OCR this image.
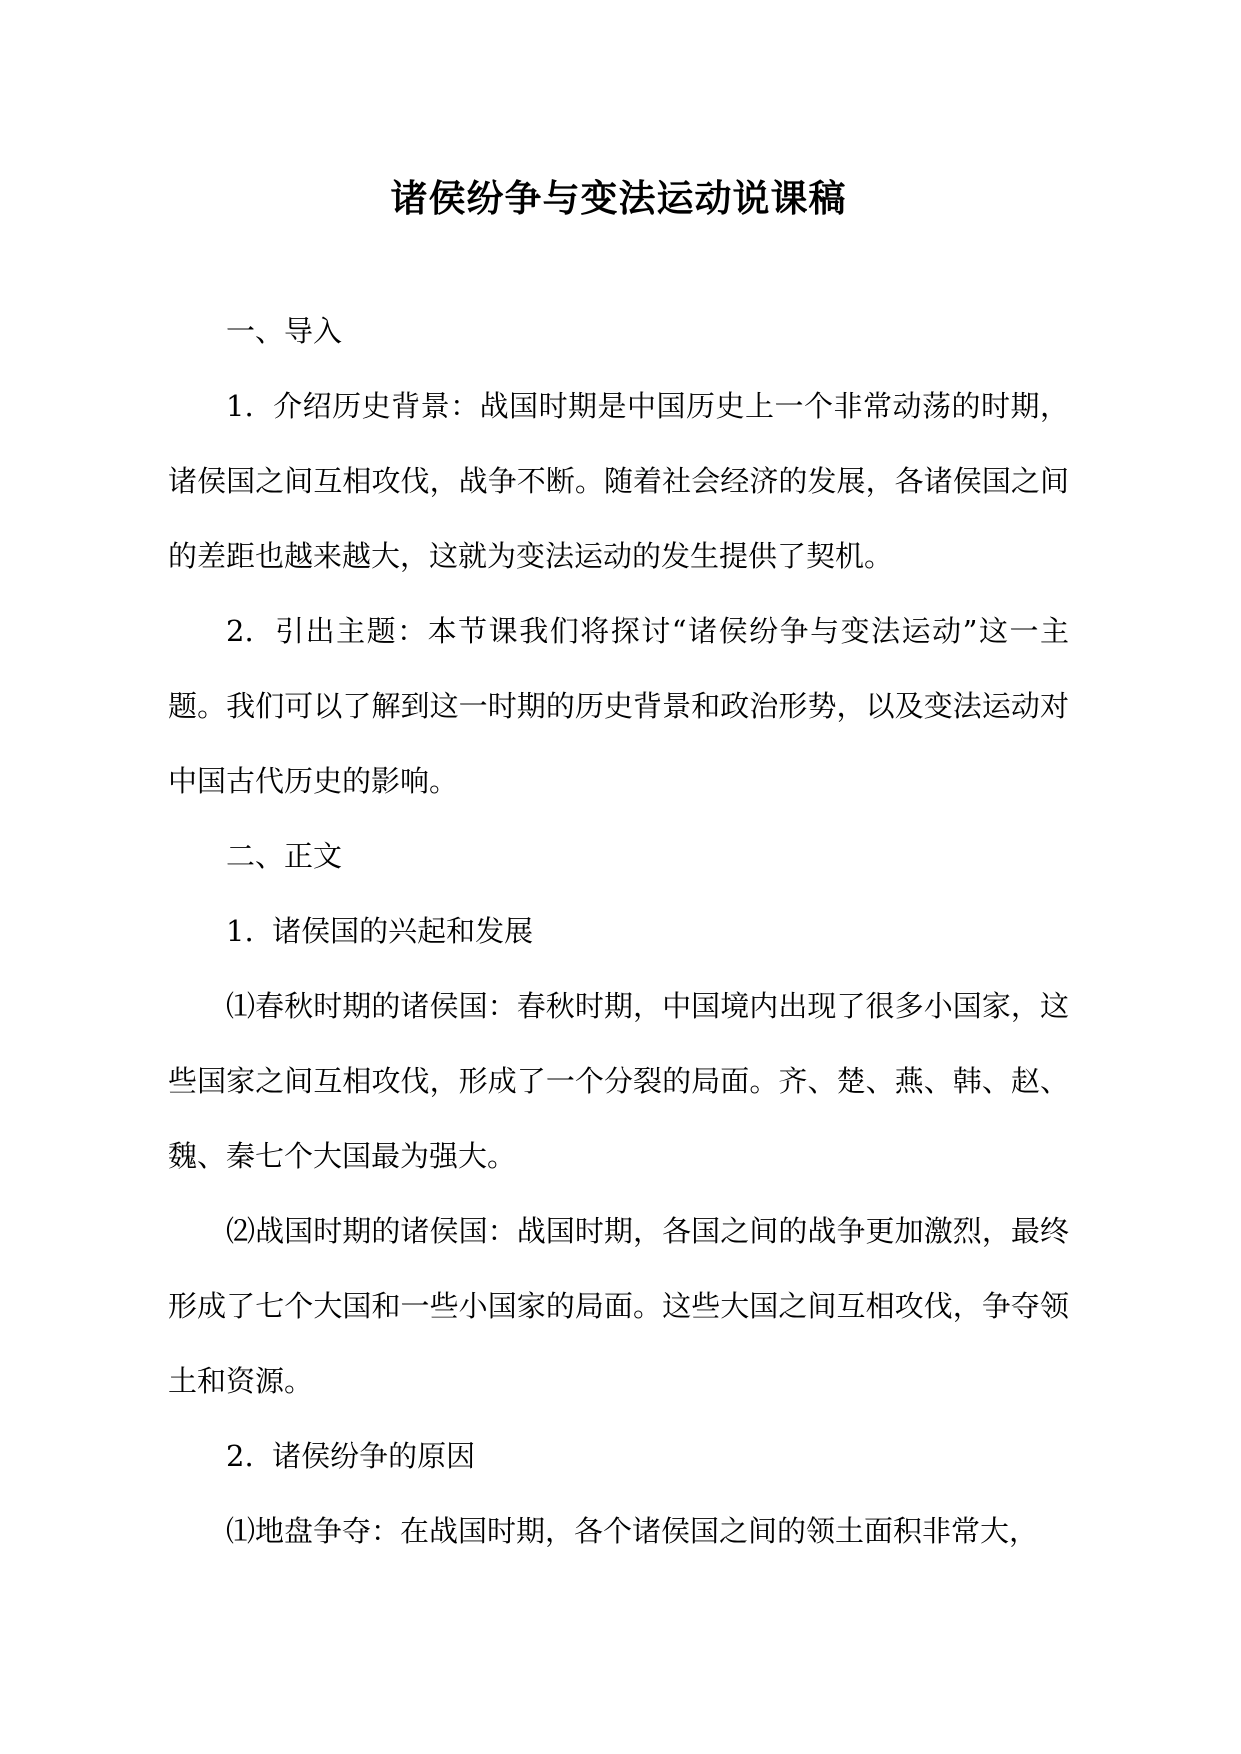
诸侯纷争与变法运动说课稿

一、导入

1.  介绍历史背景：战国时期是中国历史上一个非常动荡的时期，诸侯国之间互相攻伐，战争不断。随着社会经济的发展，各诸侯国之间的差距也越来越大，这就为变法运动的发生提供了契机。

2.  引出主题：本节课我们将探讨“诸侯纷争与变法运动”这一主题。我们可以了解到这一时期的历史背景和政治形势，以及变法运动对中国古代历史的影响。

二、正文

1.  诸侯国的兴起和发展

⑴春秋时期的诸侯国：春秋时期，中国境内出现了很多小国家，这些国家之间互相攻伐，形成了一个分裂的局面。齐、楚、燕、韩、赵、魏、秦七个大国最为强大。

⑵战国时期的诸侯国：战国时期，各国之间的战争更加激烈，最终形成了七个大国和一些小国家的局面。这些大国之间互相攻伐，争夺领土和资源。

2.  诸侯纷争的原因

⑴地盘争夺：在战国时期，各个诸侯国之间的领土面积非常大，
